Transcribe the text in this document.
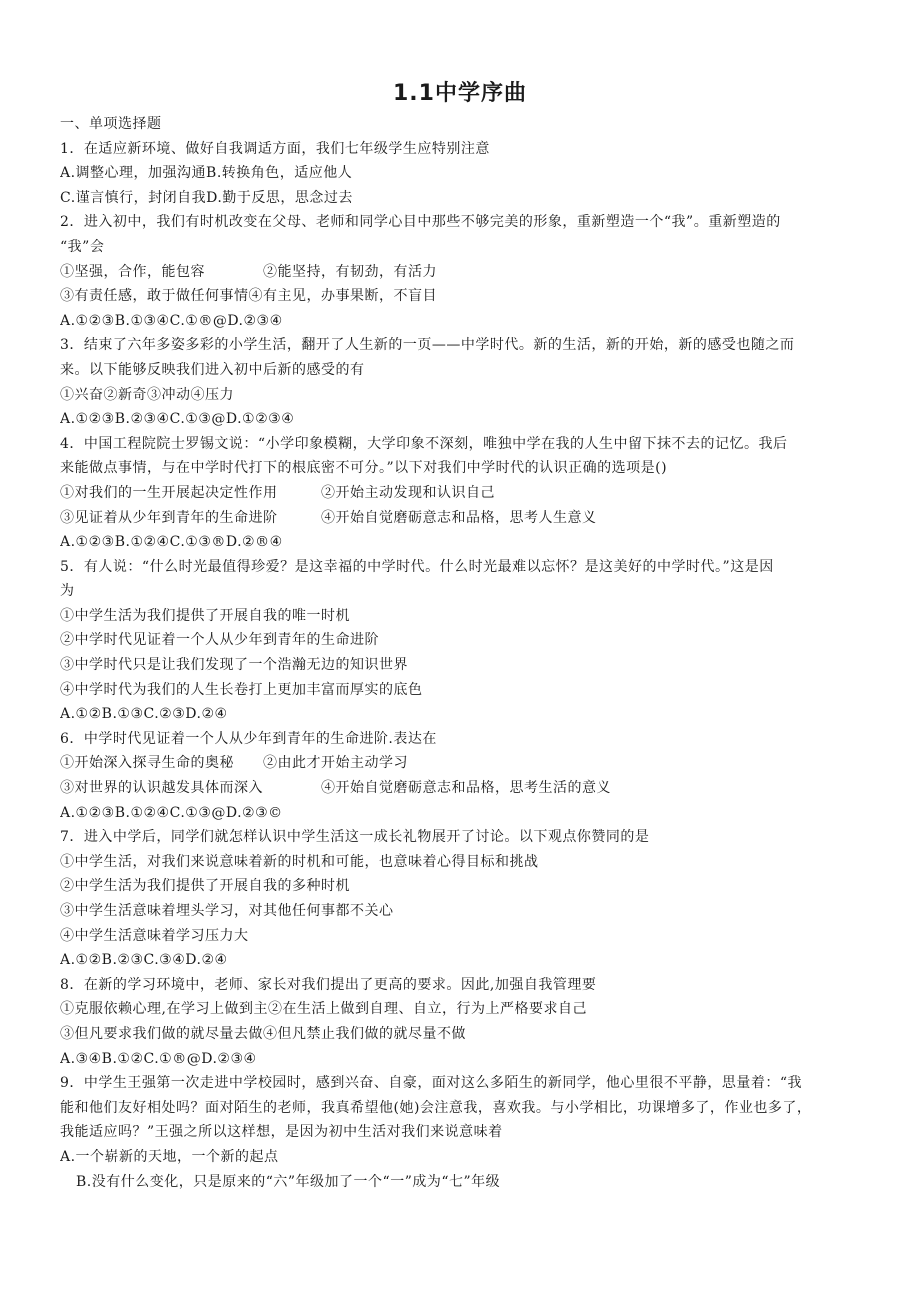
1.1中学序曲
一、单项选择题
1．在适应新环境、做好自我调适方面，我们七年级学生应特别注意
A.调整心理，加强沟通B.转换角色，适应他人
C.谨言慎行，封闭自我D.勤于反思，思念过去
2．进入初中，我们有时机改变在父母、老师和同学心目中那些不够完美的形象，重新塑造一个“我”。重新塑造的
“我”会
①坚强，合作，能包容　　　　②能坚持，有韧劲，有活力
③有责任感，敢于做任何事情④有主见，办事果断，不盲目
A.①②③B.①③④C.①®@D.②③④
3．结束了六年多姿多彩的小学生活，翻开了人生新的一页——中学时代。新的生活，新的开始，新的感受也随之而
来。以下能够反映我们进入初中后新的感受的有
①兴奋②新奇③冲动④压力
A.①②③B.②③④C.①③@D.①②③④
4．中国工程院院士罗锡文说：“小学印象模糊，大学印象不深刻，唯独中学在我的人生中留下抹不去的记忆。我后
来能做点事情，与在中学时代打下的根底密不可分。”以下对我们中学时代的认识正确的选项是()
①对我们的一生开展起决定性作用　　　②开始主动发现和认识自己
③见证着从少年到青年的生命进阶　　　④开始自觉磨砺意志和品格，思考人生意义
A.①②③B.①②④C.①③®D.②®④
5．有人说：“什么时光最值得珍爱？是这幸福的中学时代。什么时光最难以忘怀？是这美好的中学时代。”这是因
为
①中学生活为我们提供了开展自我的唯一时机
②中学时代见证着一个人从少年到青年的生命进阶
③中学时代只是让我们发现了一个浩瀚无边的知识世界
④中学时代为我们的人生长卷打上更加丰富而厚实的底色
A.①②B.①③C.②③D.②④
6．中学时代见证着一个人从少年到青年的生命进阶.表达在
①开始深入探寻生命的奥秘　　②由此才开始主动学习
③对世界的认识越发具体而深入　　　　④开始自觉磨砺意志和品格，思考生活的意义
A.①②③B.①②④C.①③@D.②③©
7．进入中学后，同学们就怎样认识中学生活这一成长礼物展开了讨论。以下观点你赞同的是
①中学生活，对我们来说意味着新的时机和可能，也意味着心得目标和挑战
②中学生活为我们提供了开展自我的多种时机
③中学生活意味着埋头学习，对其他任何事都不关心
④中学生活意味着学习压力大
A.①②B.②③C.③④D.②④
8．在新的学习环境中，老师、家长对我们提出了更高的要求。因此,加强自我管理要
①克服依赖心理,在学习上做到主②在生活上做到自理、自立，行为上严格要求自己
③但凡要求我们做的就尽量去做④但凡禁止我们做的就尽量不做
A.③④B.①②C.①®@D.②③④
9．中学生王强第一次走进中学校园时，感到兴奋、自豪，面对这么多陌生的新同学，他心里很不平静，思量着：“我
能和他们友好相处吗？面对陌生的老师，我真希望他(她)会注意我，喜欢我。与小学相比，功课增多了，作业也多了，
我能适应吗？”王强之所以这样想，是因为初中生活对我们来说意味着
A.一个崭新的天地，一个新的起点
B.没有什么变化，只是原来的“六”年级加了一个“一”成为“七”年级
